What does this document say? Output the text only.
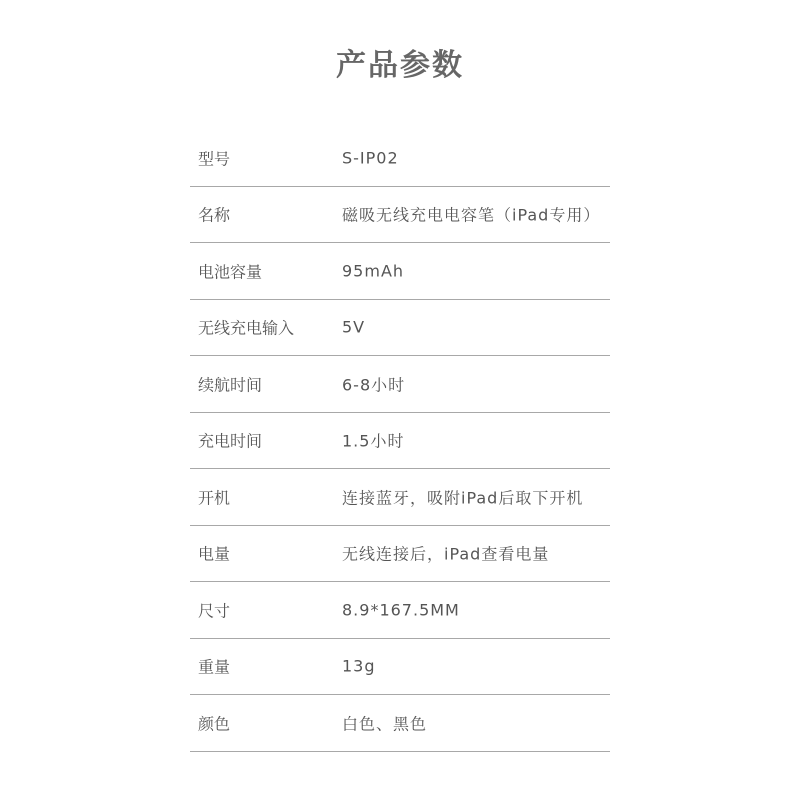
产品参数
型号	S-IP02
名称	磁吸无线充电电容笔（iPad专用）
电池容量	95mAh
无线充电输入	5V
续航时间	6-8小时
充电时间	1.5小时
开机	连接蓝牙，吸附iPad后取下开机
电量	无线连接后，iPad查看电量
尺寸	8.9*167.5MM
重量	13g
颜色	白色、黑色
